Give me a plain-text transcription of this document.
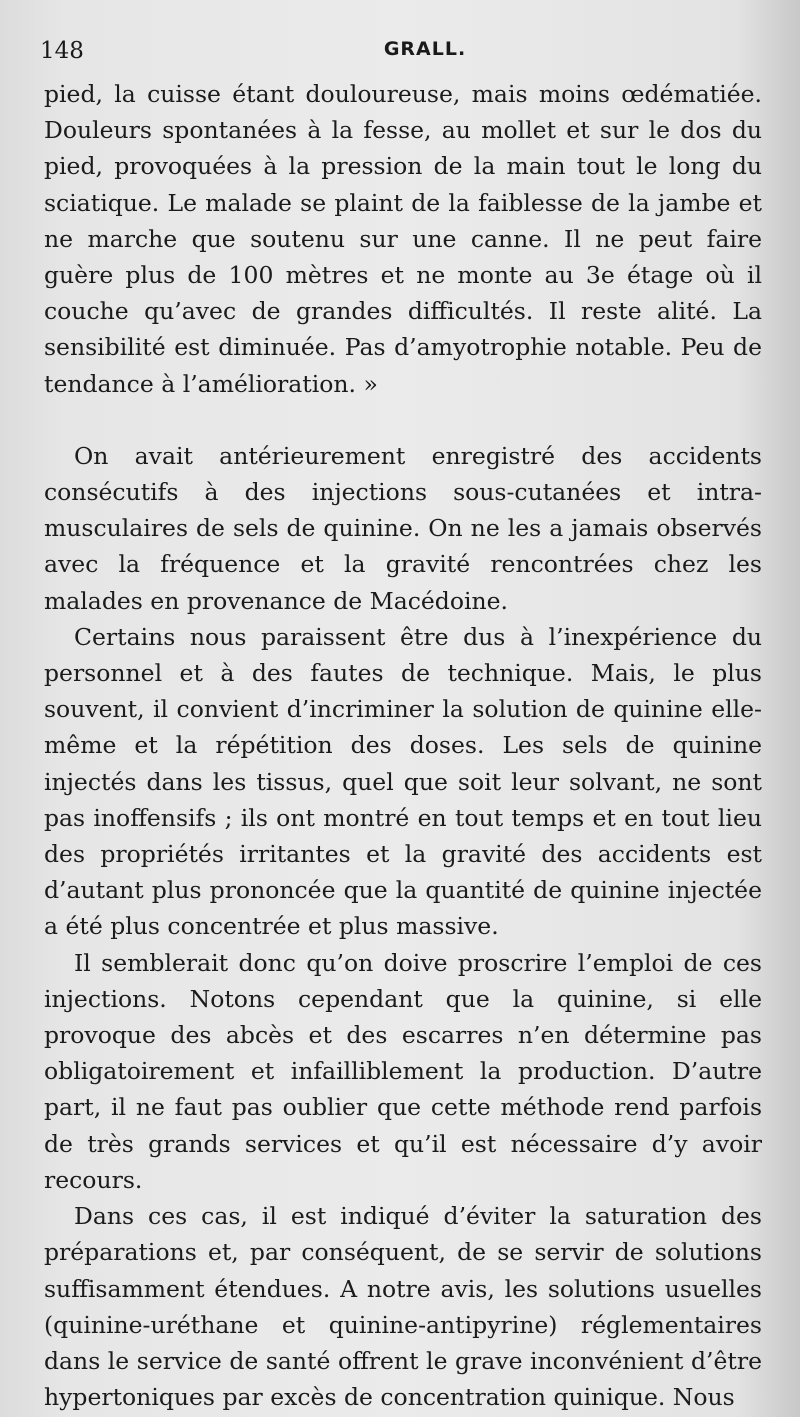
148	GRALL.

pied, la cuisse étant douloureuse, mais moins œdématiée. Douleurs spontanées à la fesse, au mollet et sur le dos du pied, provoquées à la pression de la main tout le long du sciatique. Le malade se plaint de la faiblesse de la jambe et ne marche que soutenu sur une canne. Il ne peut faire guère plus de 100 mètres et ne monte au 3e étage où il couche qu’avec de grandes difficultés. Il reste alité. La sensibilité est diminuée. Pas d’amyotrophie notable. Peu de tendance à l’amélioration. »

On avait antérieurement enregistré des accidents consécutifs à des injections sous-cutanées et intra-musculaires de sels de quinine. On ne les a jamais observés avec la fréquence et la gravité rencontrées chez les malades en provenance de Macédoine.

Certains nous paraissent être dus à l’inexpérience du personnel et à des fautes de technique. Mais, le plus souvent, il convient d’incriminer la solution de quinine elle-même et la répétition des doses. Les sels de quinine injectés dans les tissus, quel que soit leur solvant, ne sont pas inoffensifs ; ils ont montré en tout temps et en tout lieu des propriétés irritantes et la gravité des accidents est d’autant plus prononcée que la quantité de quinine injectée a été plus concentrée et plus massive.

Il semblerait donc qu’on doive proscrire l’emploi de ces injections. Notons cependant que la quinine, si elle provoque des abcès et des escarres n’en détermine pas obligatoirement et infailliblement la production. D’autre part, il ne faut pas oublier que cette méthode rend parfois de très grands services et qu’il est nécessaire d’y avoir recours.

Dans ces cas, il est indiqué d’éviter la saturation des préparations et, par conséquent, de se servir de solutions suffisamment étendues. A notre avis, les solutions usuelles (quinine-uréthane et quinine-antipyrine) réglementaires dans le service de santé offrent le grave inconvénient d’être hypertoniques par excès de concentration quinique. Nous
